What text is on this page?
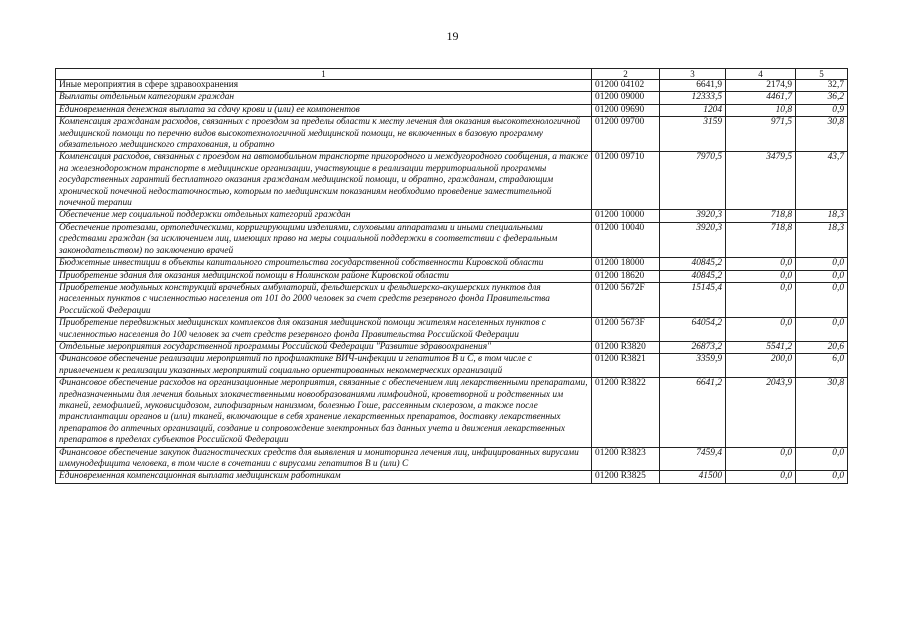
19
1	2	3	4	5
Иные мероприятия в сфере здравоохранения	01200 04102	6641,9	2174,9	32,7
Выплаты отдельным категориям граждан	01200 09000	12333,5	4461,7	36,2
Единовременная денежная выплата за сдачу крови и (или) ее компонентов	01200 09690	1204	10,8	0,9
Компенсация гражданам расходов, связанных с проездом за пределы области к месту лечения для оказания высокотехнологичной медицинской помощи по перечню видов высокотехнологичной медицинской помощи, не включенных в базовую программу обязательного медицинского страхования, и обратно	01200 09700	3159	971,5	30,8
Компенсация расходов, связанных с проездом на автомобильном транспорте пригородного и междугородного сообщения, а также на железнодорожном транспорте в медицинские организации, участвующие в реализации территориальной программы государственных гарантий бесплатного оказания гражданам медицинской помощи, и обратно, гражданам, страдающим хронической почечной недостаточностью, которым по медицинским показаниям необходимо проведение заместительной почечной терапии	01200 09710	7970,5	3479,5	43,7
Обеспечение мер социальной поддержки отдельных категорий граждан	01200 10000	3920,3	718,8	18,3
Обеспечение протезами, ортопедическими, корригирующими изделиями, слуховыми аппаратами и иными специальными средствами граждан (за исключением лиц, имеющих право на меры социальной поддержки в соответствии с федеральным законодательством) по заключению врачей	01200 10040	3920,3	718,8	18,3
Бюджетные инвестиции в объекты капитального строительства государственной собственности Кировской области	01200 18000	40845,2	0,0	0,0
Приобретение здания для оказания медицинской помощи в Нолинском районе Кировской области	01200 18620	40845,2	0,0	0,0
Приобретение модульных конструкций врачебных амбулаторий, фельдшерских и фельдшерско-акушерских пунктов для населенных пунктов с численностью населения от 101 до 2000 человек за счет средств резервного фонда Правительства Российской Федерации	01200 5672F	15145,4	0,0	0,0
Приобретение передвижных медицинских комплексов для оказания медицинской помощи жителям населенных пунктов с численностью населения до 100 человек за счет средств резервного фонда Правительства Российской Федерации	01200 5673F	64054,2	0,0	0,0
Отдельные мероприятия государственной программы Российской Федерации "Развитие здравоохранения"	01200 R3820	26873,2	5541,2	20,6
Финансовое обеспечение реализации мероприятий по профилактике ВИЧ-инфекции и гепатитов B и C, в том числе с привлечением к реализации указанных мероприятий социально ориентированных некоммерческих организаций	01200 R3821	3359,9	200,0	6,0
Финансовое обеспечение расходов на организационные мероприятия, связанные с обеспечением лиц лекарственными препаратами, предназначенными для лечения больных злокачественными новообразованиями лимфоидной, кроветворной и родственных им тканей, гемофилией, муковисцидозом, гипофизарным нанизмом, болезнью Гоше, рассеянным склерозом, а также после трансплантации органов и (или) тканей, включающие в себя хранение лекарственных препаратов, доставку лекарственных препаратов до аптечных организаций, создание и сопровождение электронных баз данных учета и движения лекарственных препаратов в пределах субъектов Российской Федерации	01200 R3822	6641,2	2043,9	30,8
Финансовое обеспечение закупок диагностических средств для выявления и мониторинга лечения лиц, инфицированных вирусами иммунодефицита человека, в том числе в сочетании с вирусами гепатитов B и (или) C	01200 R3823	7459,4	0,0	0,0
Единовременная компенсационная выплата медицинским работникам	01200 R3825	41500	0,0	0,0
